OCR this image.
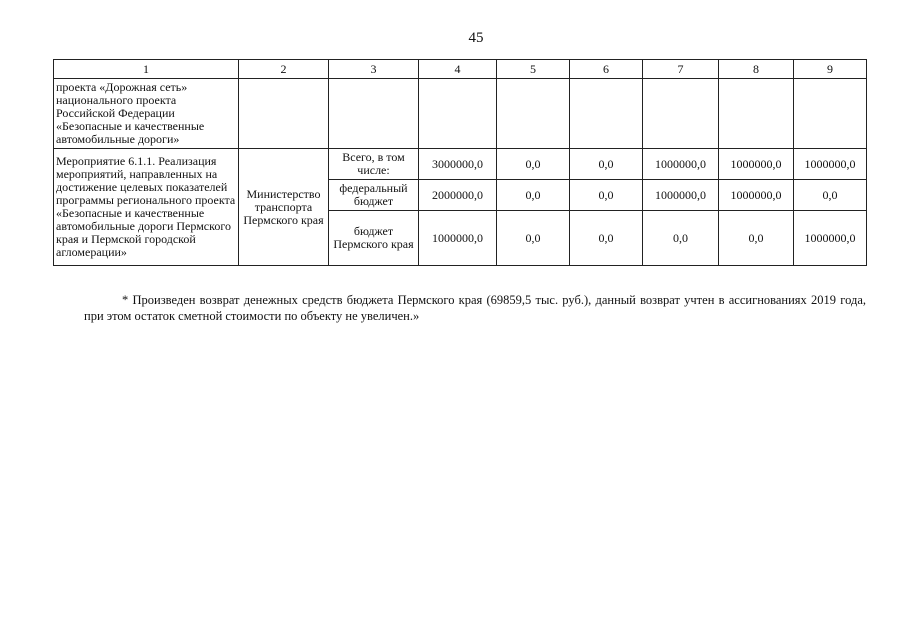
45
1	2	3	4	5	6	7	8	9
проекта «Дорожная сеть» национального проекта Российской Федерации «Безопасные и качественные автомобильные дороги»								
Мероприятие 6.1.1. Реализация мероприятий, направленных на достижение целевых показателей программы регионального проекта «Безопасные и качественные автомобильные дороги Пермского края и Пермской городской агломерации»	Министерство транспорта Пермского края	Всего, в том числе:	3000000,0	0,0	0,0	1000000,0	1000000,0	1000000,0
		федеральный бюджет	2000000,0	0,0	0,0	1000000,0	1000000,0	0,0
		бюджет Пермского края	1000000,0	0,0	0,0	0,0	0,0	1000000,0
* Произведен возврат денежных средств бюджета Пермского края (69859,5 тыс. руб.), данный возврат учтен в ассигнованиях 2019 года, при этом остаток сметной стоимости по объекту не увеличен.»
